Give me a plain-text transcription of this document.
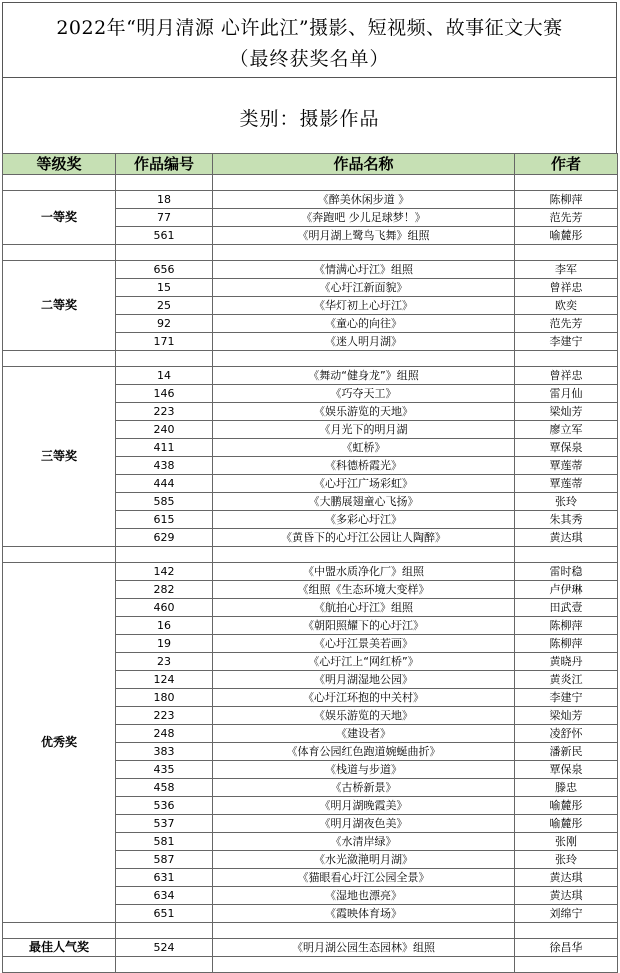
2022年“明月清源 心许此江”摄影、短视频、故事征文大赛
（最终获奖名单）
类别：摄影作品
等级奖	作品编号	作品名称	作者

一等奖	18	《醉美休闲步道 》	陈柳萍
	77	《奔跑吧 少儿足球梦！》	范先芳
	561	《明月湖上鹭鸟飞舞》组照	喻麓彤

二等奖	656	《情满心圩江》组照	李军
	15	《心圩江新面貌》	曾祥忠
	25	《华灯初上心圩江》	欧奕
	92	《童心的向往》	范先芳
	171	《迷人明月湖》	李建宁

三等奖	14	《舞动“健身龙”》组照	曾祥忠
	146	《巧夺天工》	雷月仙
	223	《娱乐游览的天地》	梁灿芳
	240	《月光下的明月湖	廖立军
	411	《虹桥》	覃保泉
	438	《科德桥霞光》	覃莲蒂
	444	《心圩江广场彩虹》	覃莲蒂
	585	《大鹏展翅童心飞扬》	张玲
	615	《多彩心圩江》	朱其秀
	629	《黄昏下的心圩江公园让人陶醉》	黄达琪

优秀奖	142	《中盟水质净化厂》组照	雷时稳
	282	《组照《生态环境大变样》	卢伊琳
	460	《航拍心圩江》组照	田武壹
	16	《朝阳照耀下的心圩江》	陈柳萍
	19	《心圩江景美若画》	陈柳萍
	23	《心圩江上“网红桥”》	黄晓丹
	124	《明月湖湿地公园》	黄炎江
	180	《心圩江环抱的中关村》	李建宁
	223	《娱乐游览的天地》	梁灿芳
	248	《建设者》	凌舒怀
	383	《体育公园红色跑道婉蜒曲折》	潘新民
	435	《栈道与步道》	覃保泉
	458	《古桥新景》	滕忠
	536	《明月湖晚霞美》	喻麓彤
	537	《明月湖夜色美》	喻麓彤
	581	《水清岸绿》	张刚
	587	《水光潋滟明月湖》	张玲
	631	《猫眼看心圩江公园全景》	黄达琪
	634	《湿地也漂亮》	黄达琪
	651	《霞映体育场》	刘绵宁

最佳人气奖	524	《明月湖公园生态园林》组照	徐昌华
